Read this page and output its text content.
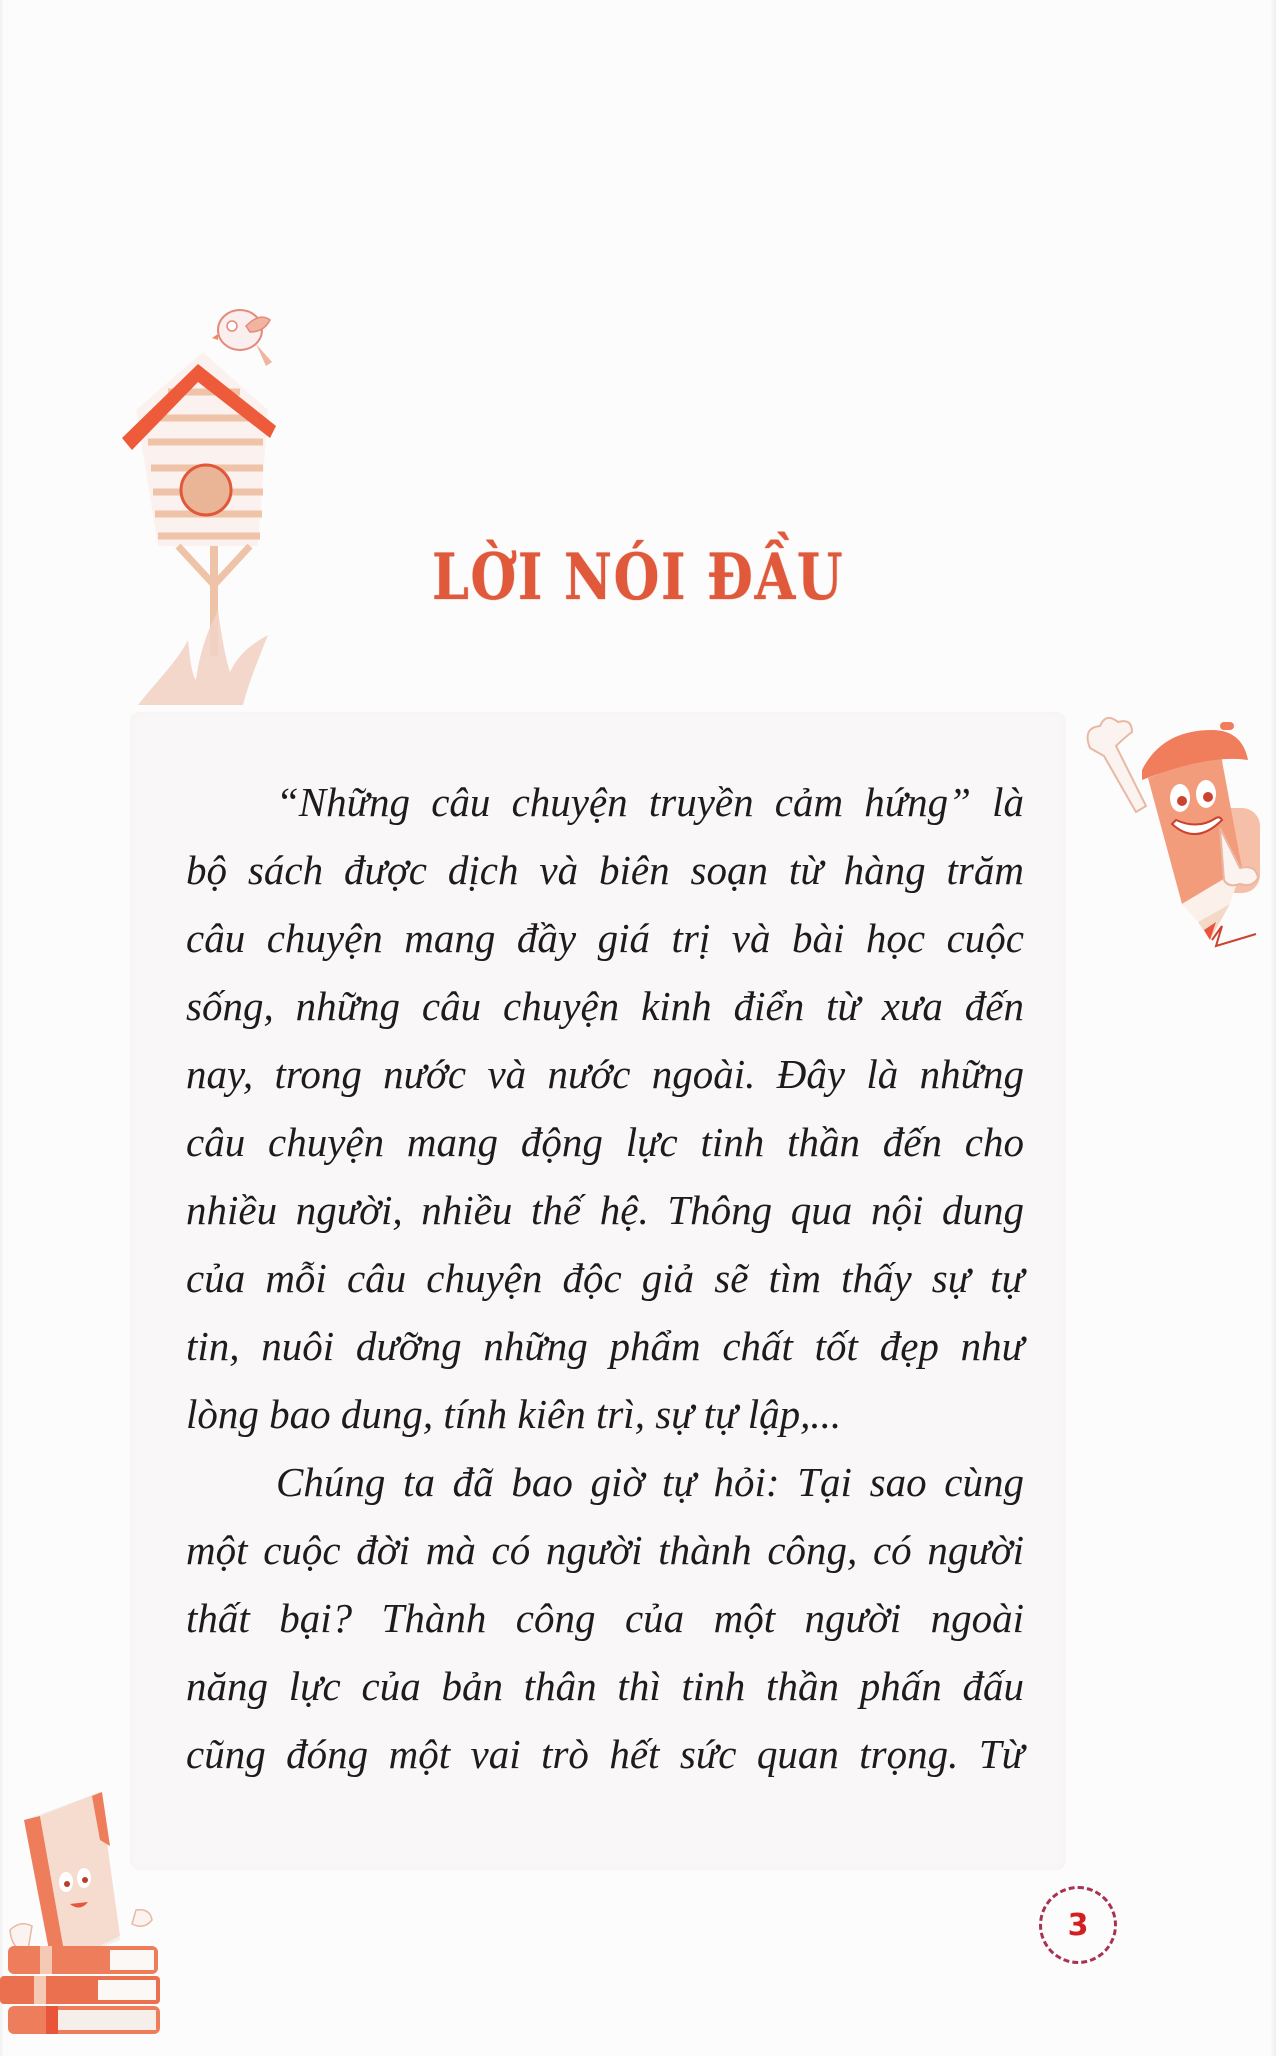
LỜI NÓI ĐẦU
“Những câu chuyện truyền cảm hứng” là
bộ sách được dịch và biên soạn từ hàng trăm
câu chuyện mang đầy giá trị và bài học cuộc
sống, những câu chuyện kinh điển từ xưa đến
nay, trong nước và nước ngoài. Đây là những
câu chuyện mang động lực tinh thần đến cho
nhiều người, nhiều thế hệ. Thông qua nội dung
của mỗi câu chuyện độc giả sẽ tìm thấy sự tự
tin, nuôi dưỡng những phẩm chất tốt đẹp như
lòng bao dung, tính kiên trì, sự tự lập,...
Chúng ta đã bao giờ tự hỏi: Tại sao cùng
một cuộc đời mà có người thành công, có người
thất bại? Thành công của một người ngoài
năng lực của bản thân thì tinh thần phấn đấu
cũng đóng một vai trò hết sức quan trọng. Từ
3
